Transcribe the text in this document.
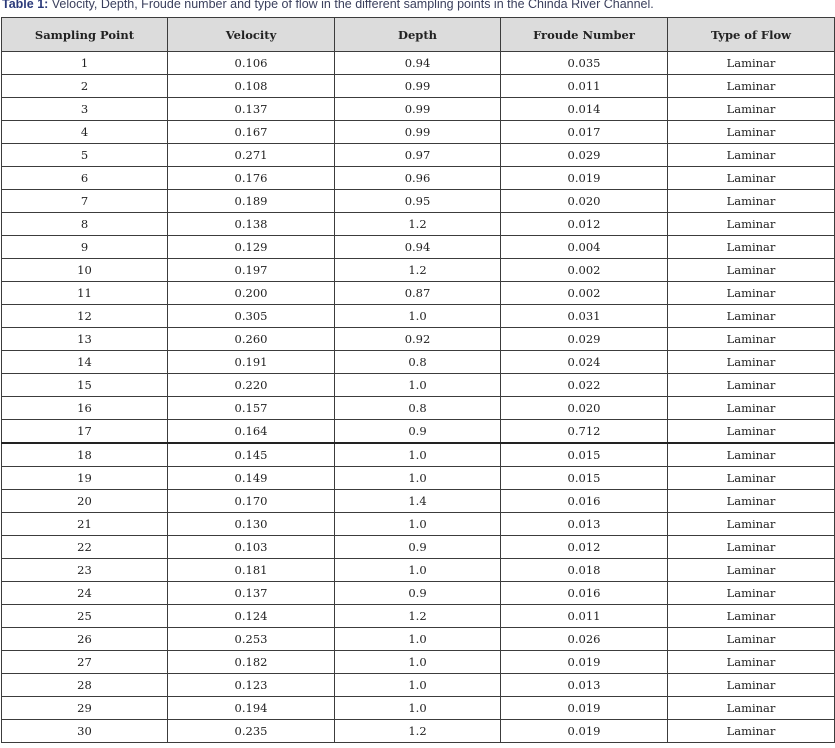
Table 1: Velocity, Depth, Froude number and type of flow in the different sampling points in the Chinda River Channel.
Sampling Point	Velocity	Depth	Froude Number	Type of Flow
1	0.106	0.94	0.035	Laminar
2	0.108	0.99	0.011	Laminar
3	0.137	0.99	0.014	Laminar
4	0.167	0.99	0.017	Laminar
5	0.271	0.97	0.029	Laminar
6	0.176	0.96	0.019	Laminar
7	0.189	0.95	0.020	Laminar
8	0.138	1.2	0.012	Laminar
9	0.129	0.94	0.004	Laminar
10	0.197	1.2	0.002	Laminar
11	0.200	0.87	0.002	Laminar
12	0.305	1.0	0.031	Laminar
13	0.260	0.92	0.029	Laminar
14	0.191	0.8	0.024	Laminar
15	0.220	1.0	0.022	Laminar
16	0.157	0.8	0.020	Laminar
17	0.164	0.9	0.712	Laminar
18	0.145	1.0	0.015	Laminar
19	0.149	1.0	0.015	Laminar
20	0.170	1.4	0.016	Laminar
21	0.130	1.0	0.013	Laminar
22	0.103	0.9	0.012	Laminar
23	0.181	1.0	0.018	Laminar
24	0.137	0.9	0.016	Laminar
25	0.124	1.2	0.011	Laminar
26	0.253	1.0	0.026	Laminar
27	0.182	1.0	0.019	Laminar
28	0.123	1.0	0.013	Laminar
29	0.194	1.0	0.019	Laminar
30	0.235	1.2	0.019	Laminar
